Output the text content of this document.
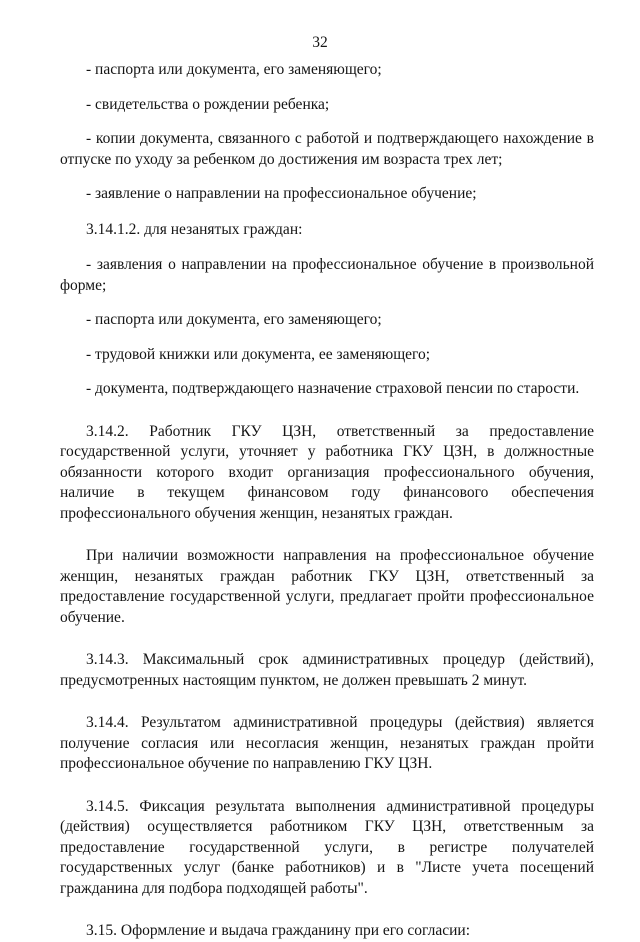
32

- паспорта или документа, его заменяющего;

- свидетельства о рождении ребенка;

- копии документа, связанного с работой и подтверждающего нахождение в отпуске по уходу за ребенком до достижения им возраста трех лет;

- заявление о направлении на профессиональное обучение;

3.14.1.2. для незанятых граждан:

- заявления о направлении на профессиональное обучение в произвольной форме;

- паспорта или документа, его заменяющего;

- трудовой книжки или документа, ее заменяющего;

- документа, подтверждающего назначение страховой пенсии по старости.

3.14.2. Работник ГКУ ЦЗН, ответственный за предоставление государственной услуги, уточняет у работника ГКУ ЦЗН, в должностные обязанности которого входит организация профессионального обучения, наличие в текущем финансовом году финансового обеспечения профессионального обучения женщин, незанятых граждан.

При наличии возможности направления на профессиональное обучение женщин, незанятых граждан работник ГКУ ЦЗН, ответственный за предоставление государственной услуги, предлагает пройти профессиональное обучение.

3.14.3. Максимальный срок административных процедур (действий), предусмотренных настоящим пунктом, не должен превышать 2 минут.

3.14.4. Результатом административной процедуры (действия) является получение согласия или несогласия женщин, незанятых граждан пройти профессиональное обучение по направлению ГКУ ЦЗН.

3.14.5. Фиксация результата выполнения административной процедуры (действия) осуществляется работником ГКУ ЦЗН, ответственным за предоставление государственной услуги, в регистре получателей государственных услуг (банке работников) и в "Листе учета посещений гражданина для подбора подходящей работы".

3.15. Оформление и выдача гражданину при его согласии:
